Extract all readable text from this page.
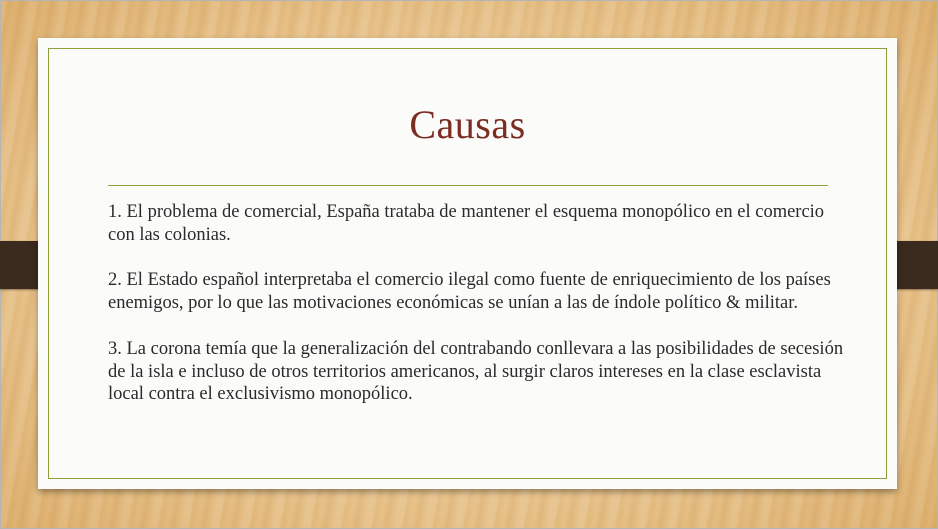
Causas

1. El problema de comercial, España trataba de mantener el esquema monopólico en el comercio con las colonias.

2. El Estado español interpretaba el comercio ilegal como fuente de enriquecimiento de los países enemigos, por lo que las motivaciones económicas se unían a las de índole político & militar.

3. La corona temía que la generalización del contrabando conllevara a las posibilidades de secesión de la isla e incluso de otros territorios americanos, al surgir claros intereses en la clase esclavista local contra el exclusivismo monopólico.
